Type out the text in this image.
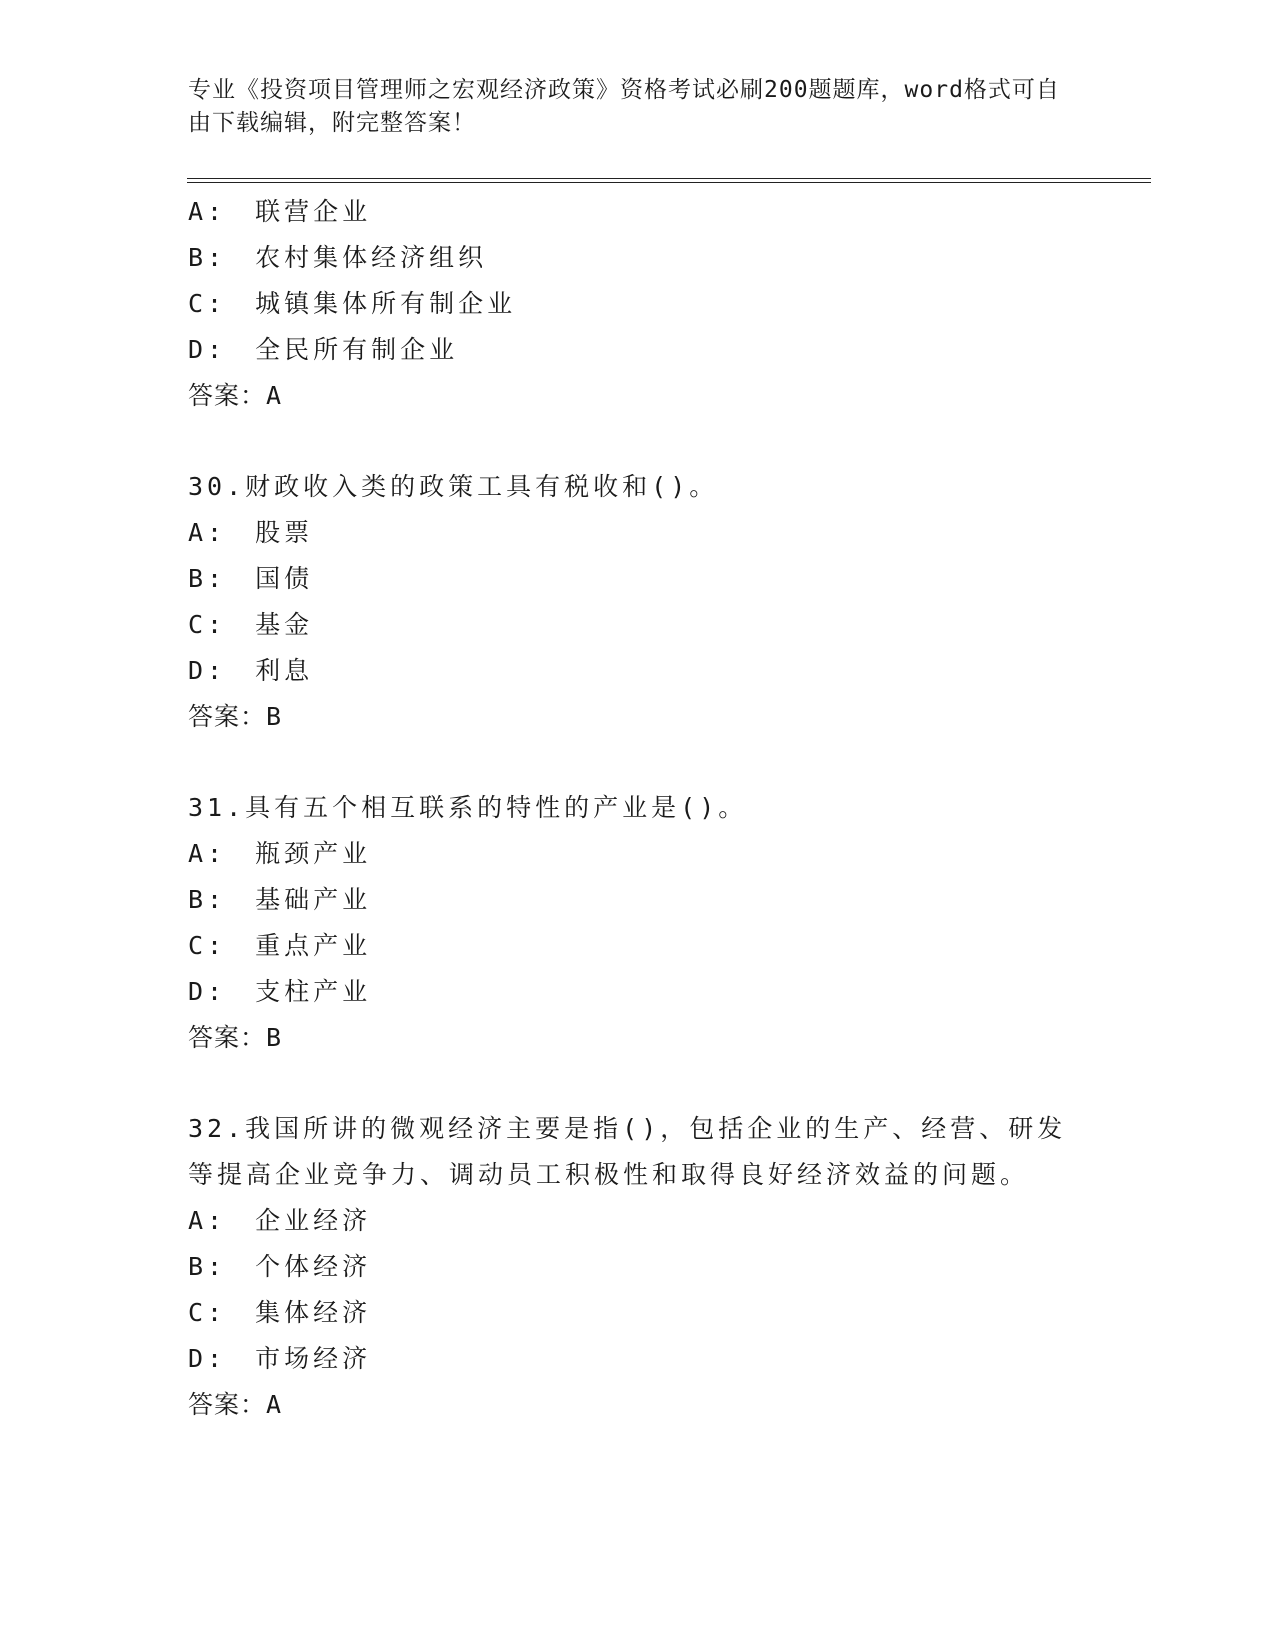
专业《投资项目管理师之宏观经济政策》资格考试必刷200题题库，word格式可自由下载编辑，附完整答案！
A:　联营企业
B:　农村集体经济组织
C:　城镇集体所有制企业
D:　全民所有制企业
答案：A
30.财政收入类的政策工具有税收和()。
A:　股票
B:　国债
C:　基金
D:　利息
答案：B
31.具有五个相互联系的特性的产业是()。
A:　瓶颈产业
B:　基础产业
C:　重点产业
D:　支柱产业
答案：B
32.我国所讲的微观经济主要是指()，包括企业的生产、经营、研发等提高企业竞争力、调动员工积极性和取得良好经济效益的问题。
A:　企业经济
B:　个体经济
C:　集体经济
D:　市场经济
答案：A
